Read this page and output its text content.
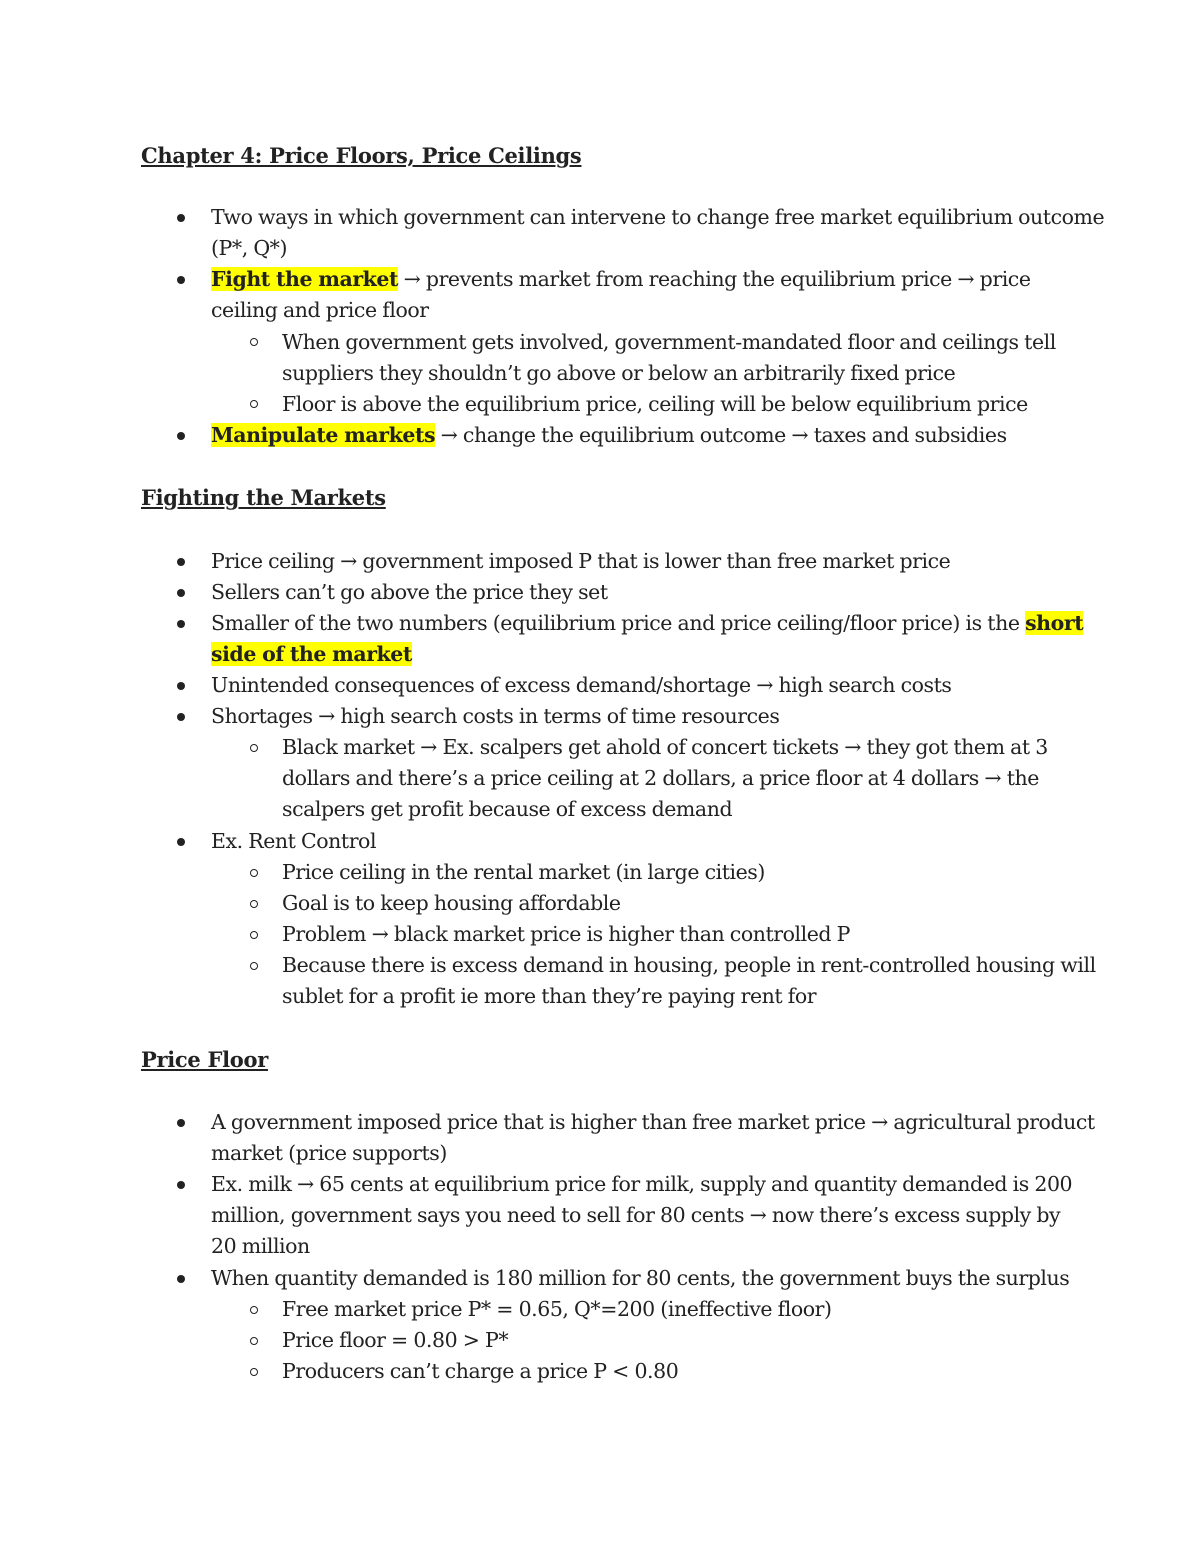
Chapter 4: Price Floors, Price Ceilings
Two ways in which government can intervene to change free market equilibrium outcome
(P*, Q*)
Fight the market → prevents market from reaching the equilibrium price → price
ceiling and price floor
When government gets involved, government-mandated floor and ceilings tell
suppliers they shouldn’t go above or below an arbitrarily fixed price
Floor is above the equilibrium price, ceiling will be below equilibrium price
Manipulate markets → change the equilibrium outcome → taxes and subsidies
Fighting the Markets
Price ceiling → government imposed P that is lower than free market price
Sellers can’t go above the price they set
Smaller of the two numbers (equilibrium price and price ceiling/floor price) is the short
side of the market
Unintended consequences of excess demand/shortage → high search costs
Shortages → high search costs in terms of time resources
Black market → Ex. scalpers get ahold of concert tickets → they got them at 3
dollars and there’s a price ceiling at 2 dollars, a price floor at 4 dollars → the
scalpers get profit because of excess demand
Ex. Rent Control
Price ceiling in the rental market (in large cities)
Goal is to keep housing affordable
Problem → black market price is higher than controlled P
Because there is excess demand in housing, people in rent-controlled housing will
sublet for a profit ie more than they’re paying rent for
Price Floor
A government imposed price that is higher than free market price → agricultural product
market (price supports)
Ex. milk → 65 cents at equilibrium price for milk, supply and quantity demanded is 200
million, government says you need to sell for 80 cents → now there’s excess supply by
20 million
When quantity demanded is 180 million for 80 cents, the government buys the surplus
Free market price P* = 0.65, Q*=200 (ineffective floor)
Price floor = 0.80 > P*
Producers can’t charge a price P < 0.80
